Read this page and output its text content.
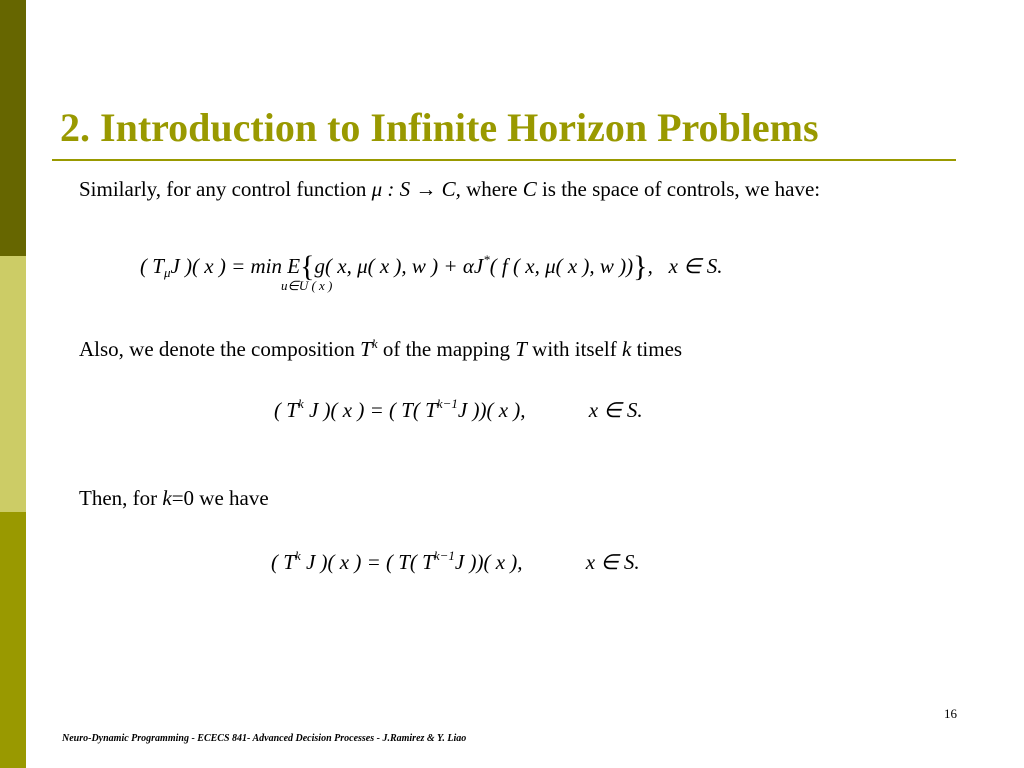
2. Introduction to Infinite Horizon Problems
Similarly, for any control function μ : S → C, where C is the space of controls, we have:
( $T_\mu J$ )( x ) = min E{g( x, μ( x ), w ) + αJ*( f ( x, μ( x ), w ))}, x ∈ S.
u∈U ( x )
Also, we denote the composition $T^k$ of the mapping T with itself k times
( $T^k$ J )( x ) = ( T( $T^{k-1}J$ ))( x ),	x ∈ S.
Then, for k=0 we have
( $T^k$ J )( x ) = ( T( $T^{k-1}J$ ))( x ),	x ∈ S.
16
Neuro-Dynamic Programming - ECECS 841- Advanced Decision Processes - J.Ramirez & Y. Liao
